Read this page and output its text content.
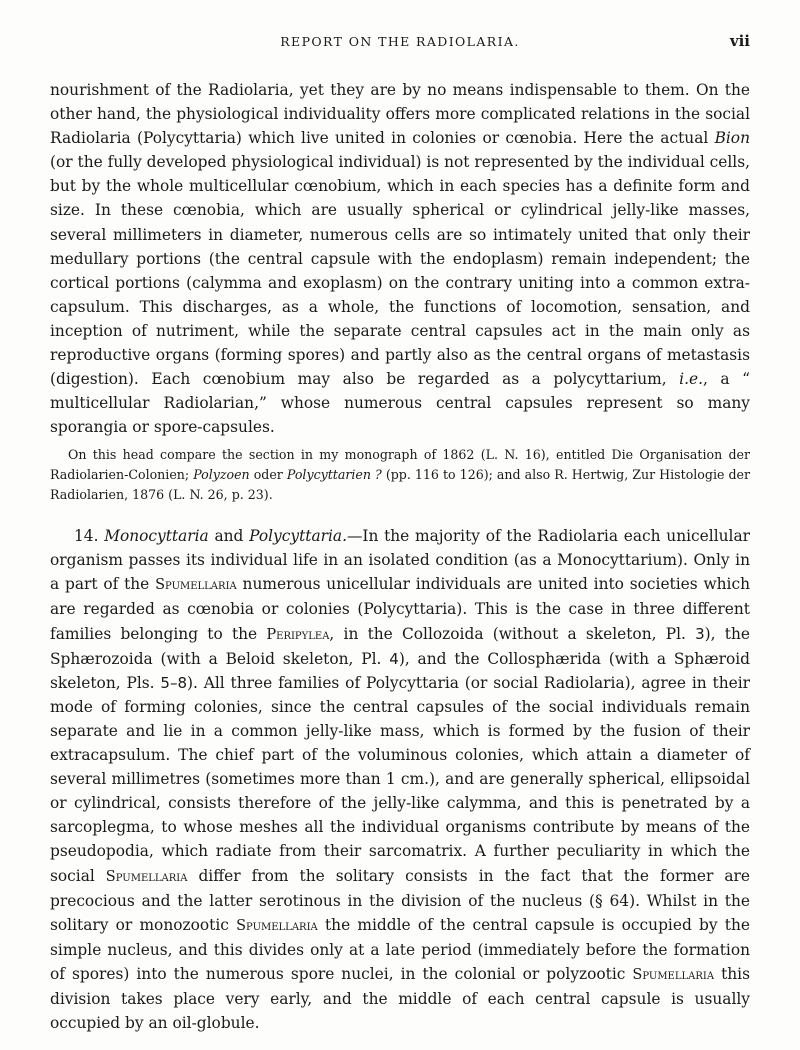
REPORT ON THE RADIOLARIA.	vii

nourishment of the Radiolaria, yet they are by no means indispensable to them. On the other hand, the physiological individuality offers more complicated relations in the social Radiolaria (Polycyttaria) which live united in colonies or cœnobia. Here the actual Bion (or the fully developed physiological individual) is not represented by the individual cells, but by the whole multicellular cœnobium, which in each species has a definite form and size. In these cœnobia, which are usually spherical or cylindrical jelly-like masses, several millimeters in diameter, numerous cells are so intimately united that only their medullary portions (the central capsule with the endoplasm) remain independent; the cortical portions (calymma and exoplasm) on the contrary uniting into a common extra-capsulum. This discharges, as a whole, the functions of locomotion, sensation, and inception of nutriment, while the separate central capsules act in the main only as reproductive organs (forming spores) and partly also as the central organs of metastasis (digestion). Each cœnobium may also be regarded as a polycyttarium, i.e., a “ multicellular Radiolarian,” whose numerous central capsules represent so many sporangia or spore-capsules.

On this head compare the section in my monograph of 1862 (L. N. 16), entitled Die Organisation der Radiolarien-Colonien; Polyzoen oder Polycyttarien ? (pp. 116 to 126); and also R. Hertwig, Zur Histologie der Radiolarien, 1876 (L. N. 26, p. 23).

14. Monocyttaria and Polycyttaria.—In the majority of the Radiolaria each unicellular organism passes its individual life in an isolated condition (as a Monocyttarium). Only in a part of the Spumellaria numerous unicellular individuals are united into societies which are regarded as cœnobia or colonies (Polycyttaria). This is the case in three different families belonging to the Peripylea, in the Collozoida (without a skeleton, Pl. 3), the Sphærozoida (with a Beloid skeleton, Pl. 4), and the Collosphærida (with a Sphæroid skeleton, Pls. 5–8). All three families of Polycyttaria (or social Radiolaria), agree in their mode of forming colonies, since the central capsules of the social individuals remain separate and lie in a common jelly-like mass, which is formed by the fusion of their extracapsulum. The chief part of the voluminous colonies, which attain a diameter of several millimetres (sometimes more than 1 cm.), and are generally spherical, ellipsoidal or cylindrical, consists therefore of the jelly-like calymma, and this is penetrated by a sarcoplegma, to whose meshes all the individual organisms contribute by means of the pseudopodia, which radiate from their sarcomatrix. A further peculiarity in which the social Spumellaria differ from the solitary consists in the fact that the former are precocious and the latter serotinous in the division of the nucleus (§ 64). Whilst in the solitary or monozootic Spumellaria the middle of the central capsule is occupied by the simple nucleus, and this divides only at a late period (immediately before the formation of spores) into the numerous spore nuclei, in the colonial or polyzootic Spumellaria this division takes place very early, and the middle of each central capsule is usually occupied by an oil-globule.
